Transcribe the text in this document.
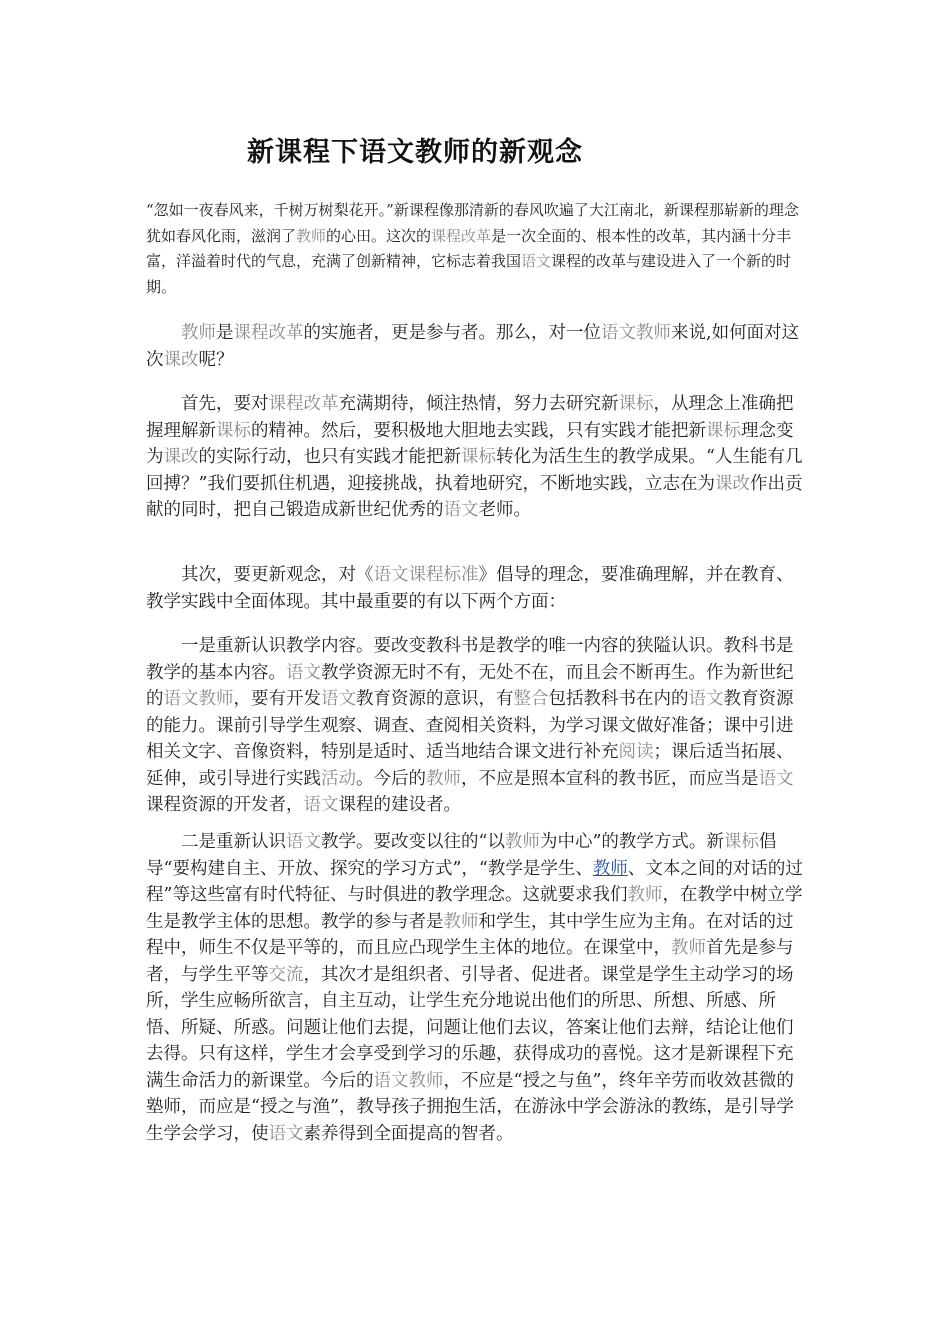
新课程下语文教师的新观念

“忽如一夜春风来，千树万树梨花开。”新课程像那清新的春风吹遍了大江南北，新课程那崭新的理念犹如春风化雨，滋润了教师的心田。这次的课程改革是一次全面的、根本性的改革，其内涵十分丰富，洋溢着时代的气息，充满了创新精神，它标志着我国语文课程的改革与建设进入了一个新的时期。

教师是课程改革的实施者，更是参与者。那么，对一位语文教师来说,如何面对这次课改呢？

首先，要对课程改革充满期待，倾注热情，努力去研究新课标，从理念上准确把握理解新课标的精神。然后，要积极地大胆地去实践，只有实践才能把新课标理念变为课改的实际行动，也只有实践才能把新课标转化为活生生的教学成果。“人生能有几回搏？”我们要抓住机遇，迎接挑战，执着地研究，不断地实践，立志在为课改作出贡献的同时，把自己锻造成新世纪优秀的语文老师。

其次，要更新观念，对《语文课程标准》倡导的理念，要准确理解，并在教育、教学实践中全面体现。其中最重要的有以下两个方面：

一是重新认识教学内容。要改变教科书是教学的唯一内容的狭隘认识。教科书是教学的基本内容。语文教学资源无时不有，无处不在，而且会不断再生。作为新世纪的语文教师，要有开发语文教育资源的意识，有整合包括教科书在内的语文教育资源的能力。课前引导学生观察、调查、查阅相关资料，为学习课文做好准备；课中引进相关文字、音像资料，特别是适时、适当地结合课文进行补充阅读；课后适当拓展、延伸，或引导进行实践活动。今后的教师，不应是照本宣科的教书匠，而应当是语文课程资源的开发者，语文课程的建设者。

二是重新认识语文教学。要改变以往的“以教师为中心”的教学方式。新课标倡导“要构建自主、开放、探究的学习方式”，“教学是学生、教师、文本之间的对话的过程”等这些富有时代特征、与时俱进的教学理念。这就要求我们教师，在教学中树立学生是教学主体的思想。教学的参与者是教师和学生，其中学生应为主角。在对话的过程中，师生不仅是平等的，而且应凸现学生主体的地位。在课堂中，教师首先是参与者，与学生平等交流，其次才是组织者、引导者、促进者。课堂是学生主动学习的场所，学生应畅所欲言，自主互动，让学生充分地说出他们的所思、所想、所感、所悟、所疑、所惑。问题让他们去提，问题让他们去议，答案让他们去辩，结论让他们去得。只有这样，学生才会享受到学习的乐趣，获得成功的喜悦。这才是新课程下充满生命活力的新课堂。今后的语文教师，不应是“授之与鱼”，终年辛劳而收效甚微的塾师，而应是“授之与渔”，教导孩子拥抱生活，在游泳中学会游泳的教练，是引导学生学会学习，使语文素养得到全面提高的智者。
